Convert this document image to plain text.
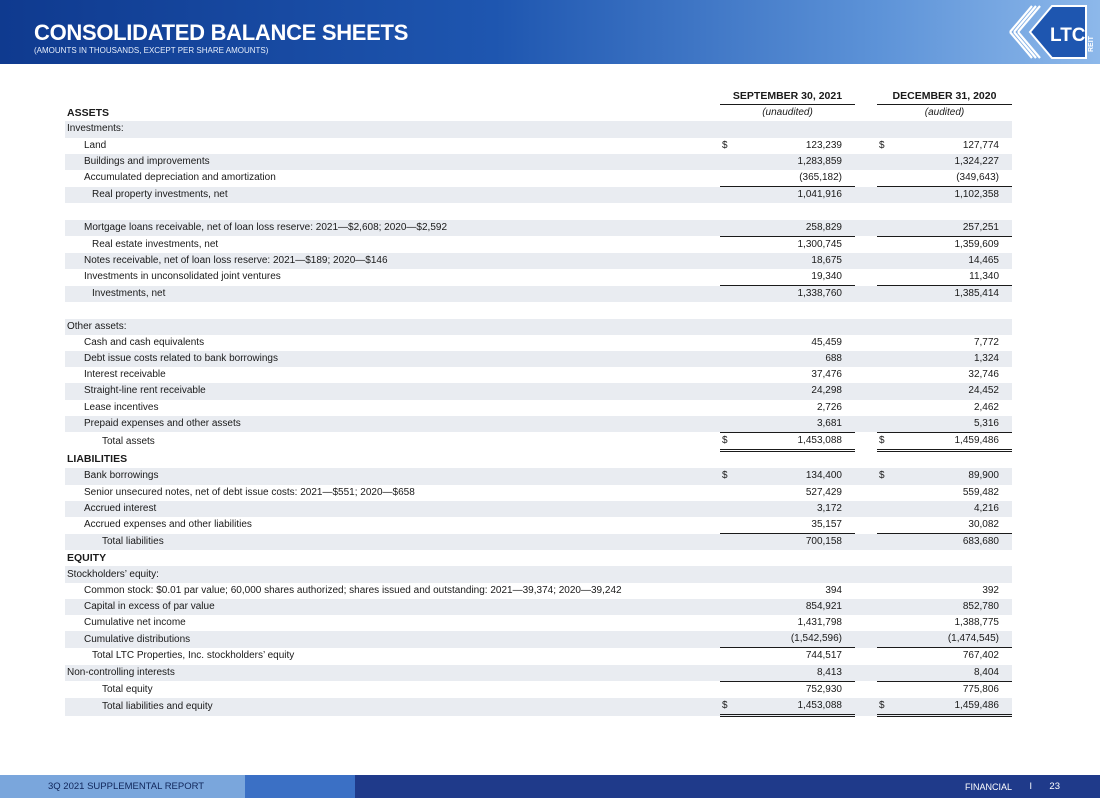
CONSOLIDATED BALANCE SHEETS
(AMOUNTS IN THOUSANDS, EXCEPT PER SHARE AMOUNTS)
LTC REIT
	SEPTEMBER 30, 2021			DECEMBER 31, 2020	
ASSETS	(unaudited)			(audited)	
Investments:					
Land	$	123,239		$	127,774
Buildings and improvements		1,283,859			1,324,227
Accumulated depreciation and amortization		(365,182)			(349,643)
Real property investments, net		1,041,916			1,102,358

Mortgage loans receivable, net of loan loss reserve: 2021—$2,608; 2020—$2,592		258,829			257,251
Real estate investments, net		1,300,745			1,359,609
Notes receivable, net of loan loss reserve: 2021—$189; 2020—$146		18,675			14,465
Investments in unconsolidated joint ventures		19,340			11,340
Investments, net		1,338,760			1,385,414

Other assets:					
Cash and cash equivalents		45,459			7,772
Debt issue costs related to bank borrowings		688			1,324
Interest receivable		37,476			32,746
Straight-line rent receivable		24,298			24,452
Lease incentives		2,726			2,462
Prepaid expenses and other assets		3,681			5,316
Total assets	$	1,453,088		$	1,459,486
LIABILITIES					
Bank borrowings	$	134,400		$	89,900
Senior unsecured notes, net of debt issue costs: 2021—$551; 2020—$658		527,429			559,482
Accrued interest		3,172			4,216
Accrued expenses and other liabilities		35,157			30,082
Total liabilities		700,158			683,680
EQUITY					
Stockholders’ equity:					
Common stock: $0.01 par value; 60,000 shares authorized; shares issued and outstanding: 2021—39,374; 2020—39,242		394			392
Capital in excess of par value		854,921			852,780
Cumulative net income		1,431,798			1,388,775
Cumulative distributions		(1,542,596)			(1,474,545)
Total LTC Properties, Inc. stockholders’ equity		744,517			767,402
Non-controlling interests		8,413			8,404
Total equity		752,930			775,806
Total liabilities and equity	$	1,453,088		$	1,459,486
3Q 2021 SUPPLEMENTAL REPORT	FINANCIAL I 23
